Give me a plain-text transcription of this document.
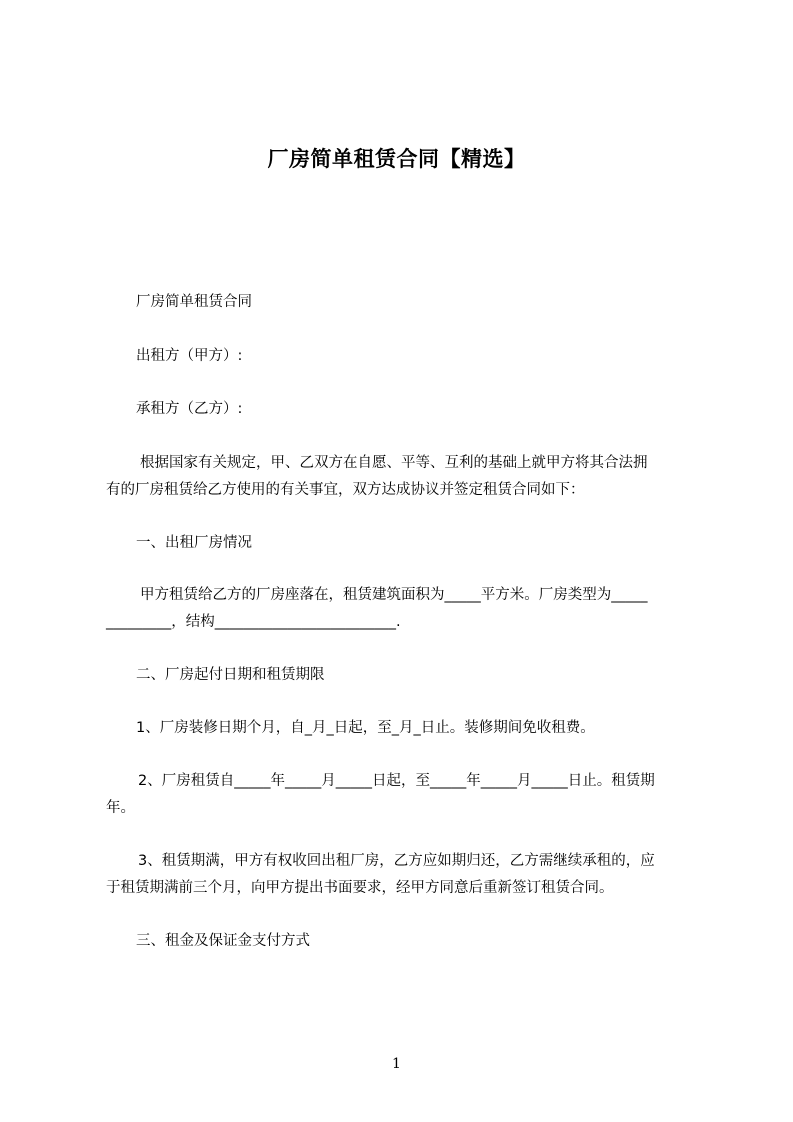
厂房简单租赁合同【精选】
厂房简单租赁合同
出租方（甲方）:
承租方（乙方）:
根据国家有关规定，甲、乙双方在自愿、平等、互利的基础上就甲方将其合法拥
有的厂房租赁给乙方使用的有关事宜，双方达成协议并签定租赁合同如下：
一、出租厂房情况
甲方租赁给乙方的厂房座落在，租赁建筑面积为_____平方米。厂房类型为_____
_________，结构_________________________.
二、厂房起付日期和租赁期限
1、厂房装修日期个月，自_月_日起，至_月_日止。装修期间免收租费。
2、厂房租赁自_____年_____月_____日起，至_____年_____月_____日止。租赁期
年。
3、租赁期满，甲方有权收回出租厂房，乙方应如期归还，乙方需继续承租的，应
于租赁期满前三个月，向甲方提出书面要求，经甲方同意后重新签订租赁合同。
三、租金及保证金支付方式
1
